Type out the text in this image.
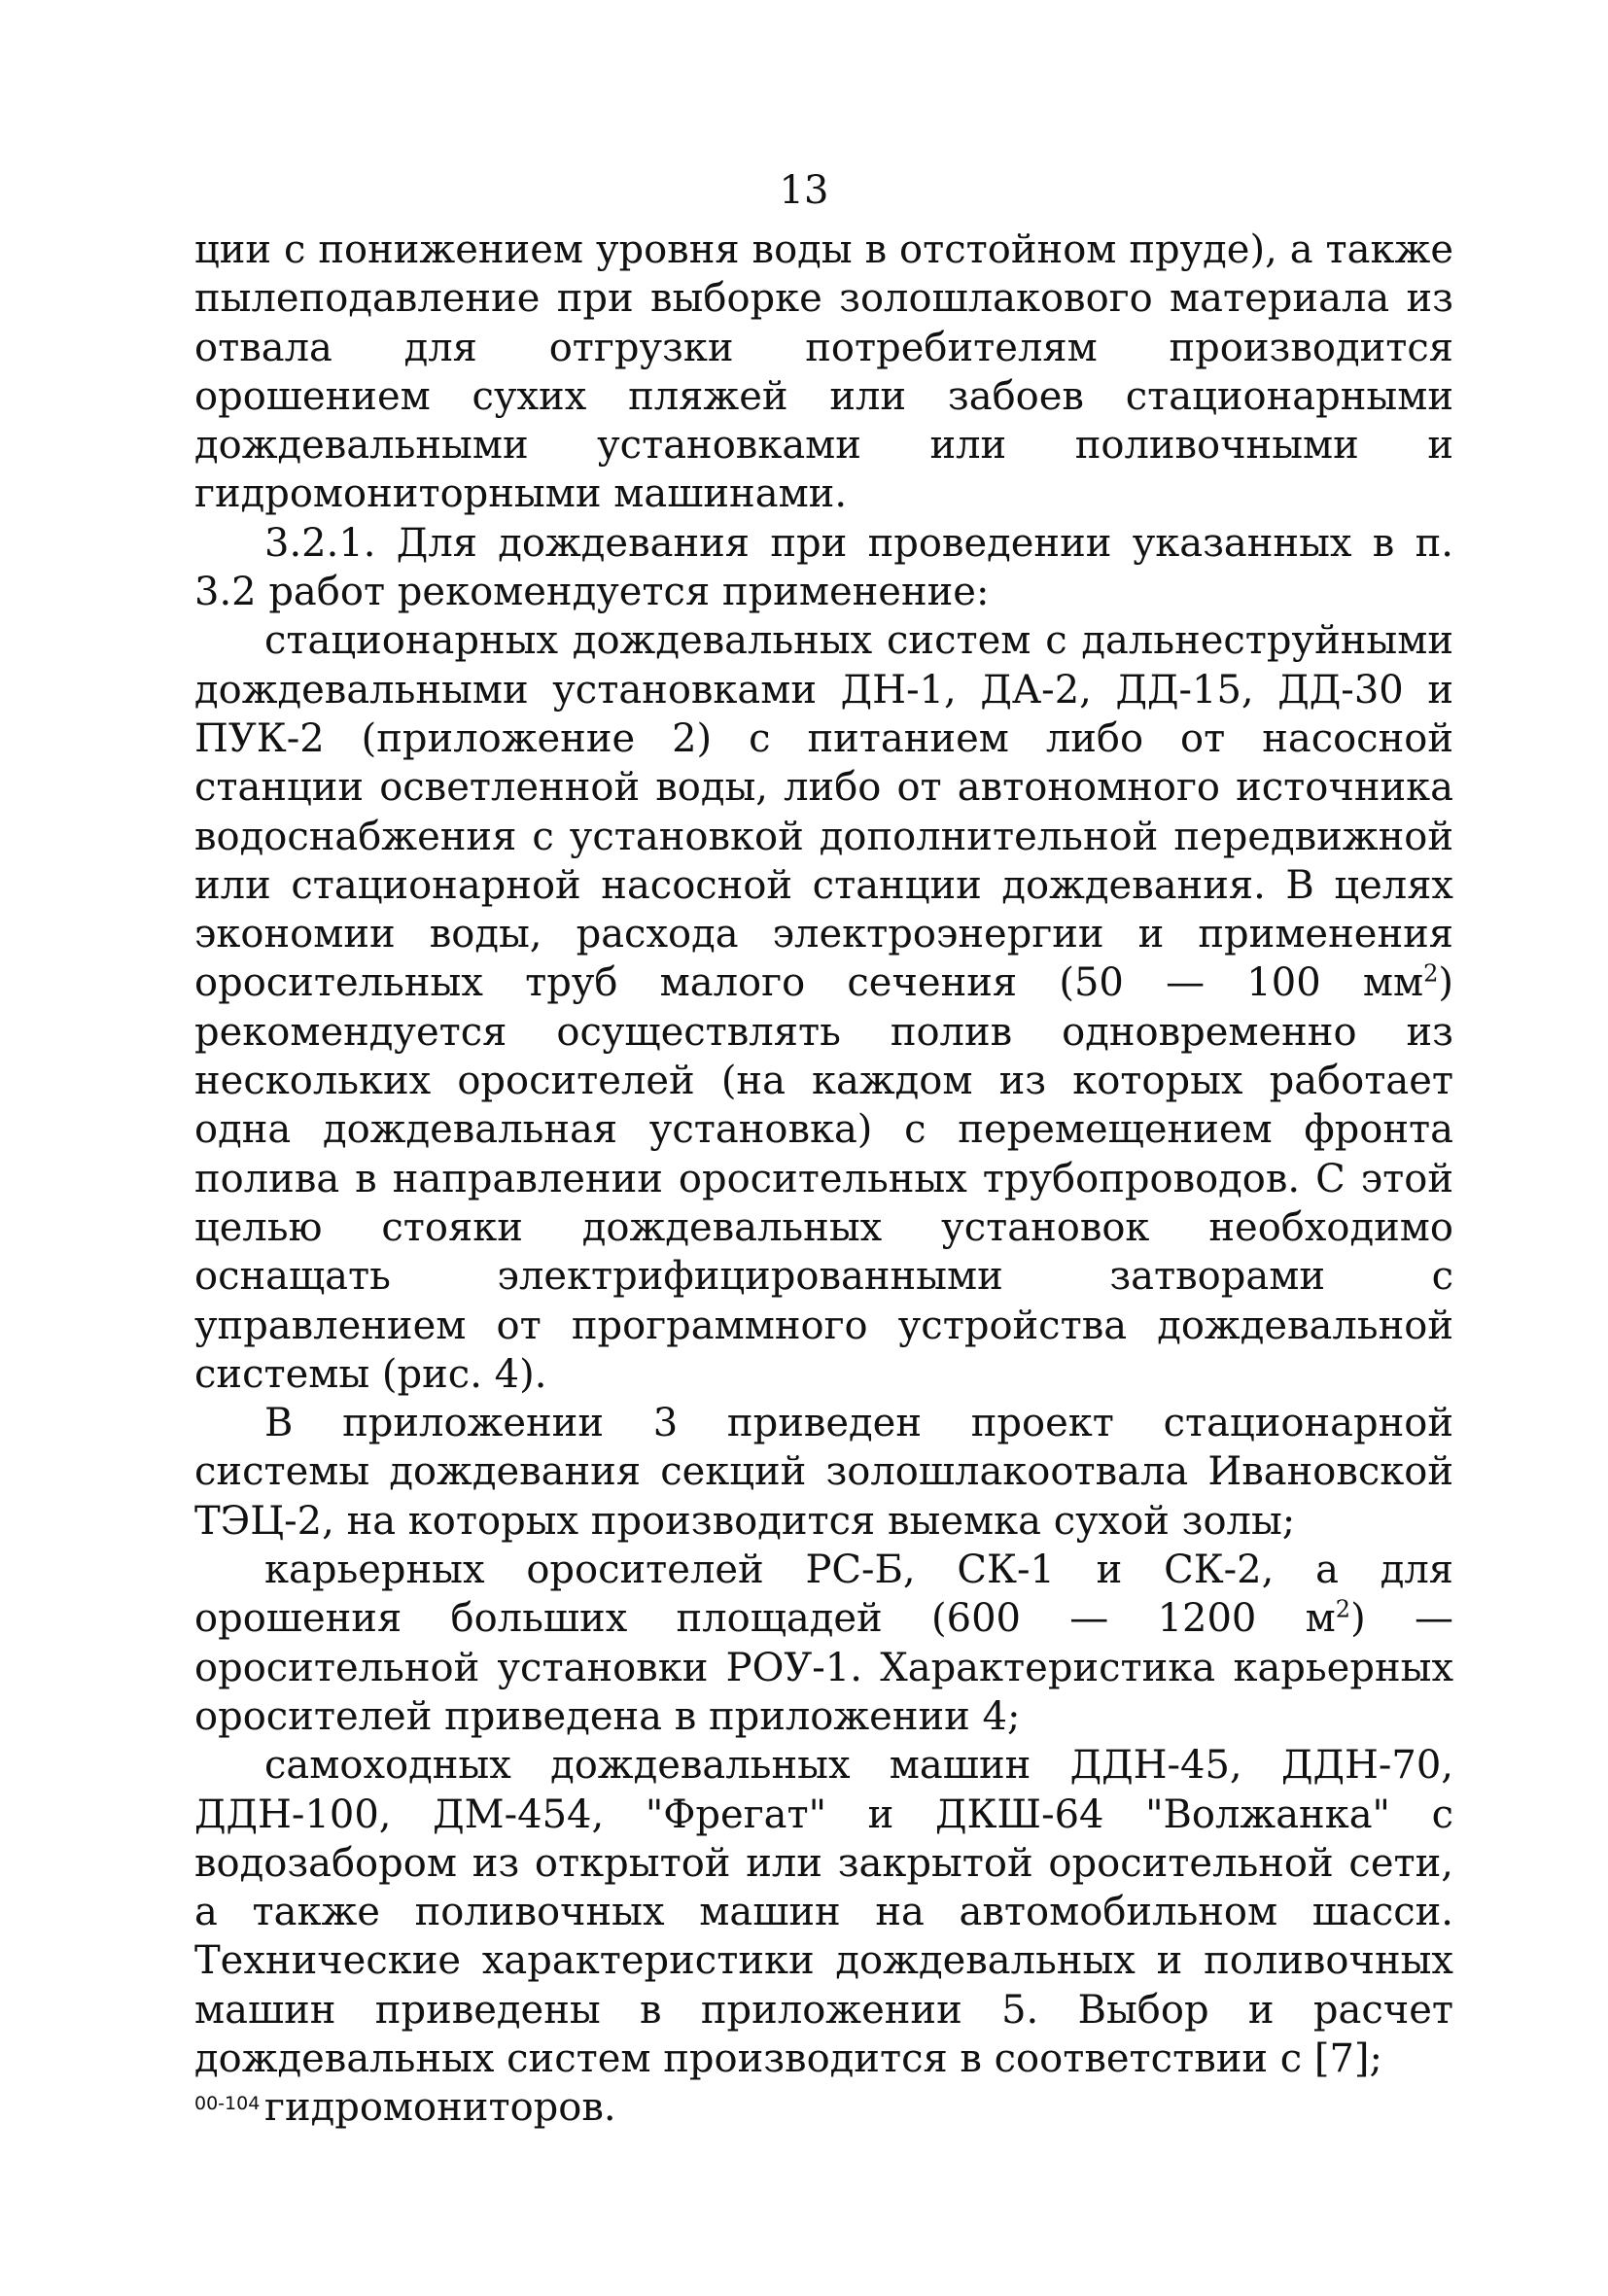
13

ции с понижением уровня воды в отстойном пруде), а также пылеподавление при выборке золошлакового материала из отвала для отгрузки потребителям производится орошением сухих пляжей или забоев стационарными дождевальными установками или поливочными и гидромониторными машинами.

3.2.1. Для дождевания при проведении указанных в п. 3.2 работ рекомендуется применение:

стационарных дождевальных систем с дальнеструйными дождевальными установками ДН-1, ДА-2, ДД-15, ДД-30 и ПУК-2 (приложение 2) с питанием либо от насосной станции осветленной воды, либо от автономного источника водоснабжения с установкой дополнительной передвижной или стационарной насосной станции дождевания. В целях экономии воды, расхода электроэнергии и применения оросительных труб малого сечения (50 — 100 $мм^2$) рекомендуется осуществлять полив одновременно из нескольких оросителей (на каждом из которых работает одна дождевальная установка) с перемещением фронта полива в направлении оросительных трубопроводов. С этой целью стояки дождевальных установок необходимо оснащать электрифицированными затворами с управлением от программного устройства дождевальной системы (рис. 4).

В приложении 3 приведен проект стационарной системы дождевания секций золошлакоотвала Ивановской ТЭЦ-2, на которых производится выемка сухой золы;

карьерных оросителей РС-Б, СК-1 и СК-2, а для орошения больших площадей (600 — 1200 $м^2$) — оросительной установки РОУ-1. Характеристика карьерных оросителей приведена в приложении 4;

самоходных дождевальных машин ДДН-45, ДДН-70, ДДН-100, ДМ-454, "Фрегат" и ДКШ-64 "Волжанка" с водозабором из открытой или закрытой оросительной сети, а также поливочных машин на автомобильном шасси. Технические характеристики дождевальных и поливочных машин приведены в приложении 5. Выбор и расчет дождевальных систем производится в соответствии с [7];

гидромониторов.

00-104
